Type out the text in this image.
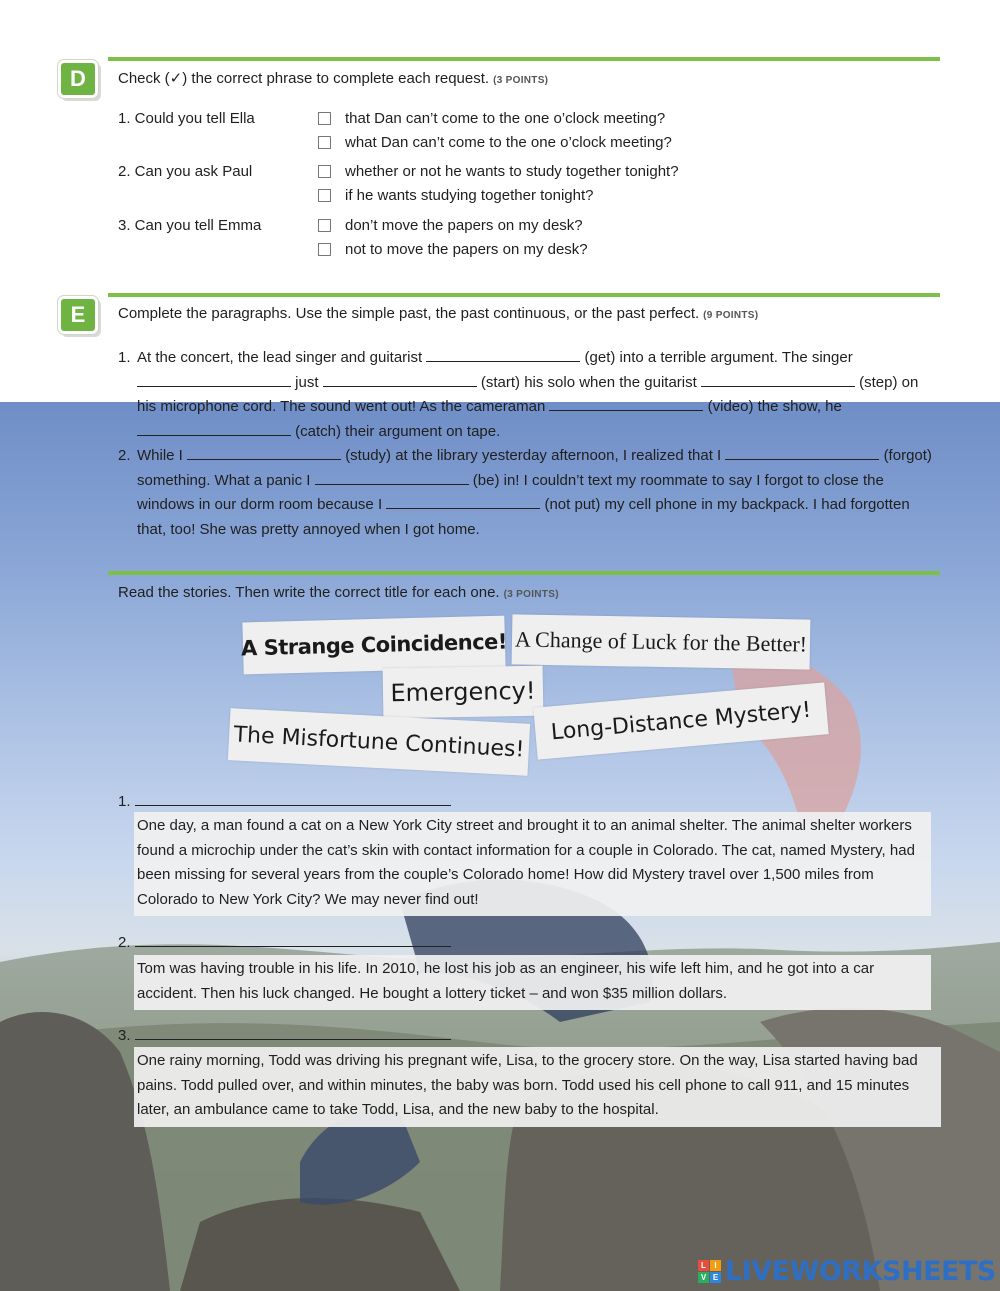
D	Check (✓) the correct phrase to complete each request. (3 POINTS)
1. Could you tell Ella	that Dan can’t come to the one o’clock meeting?
what Dan can’t come to the one o’clock meeting?
2. Can you ask Paul	whether or not he wants to study together tonight?
if he wants studying together tonight?
3. Can you tell Emma	don’t move the papers on my desk?
not to move the papers on my desk?
E	Complete the paragraphs. Use the simple past, the past continuous, or the past perfect. (9 POINTS)
1. At the concert, the lead singer and guitarist	(get) into a terrible argument. The singer  just	(start) his solo when the guitarist	(step) on his microphone cord. The sound went out! As the cameraman	(video) the show, he  (catch) their argument on tape.
2. While I	(study) at the library yesterday afternoon, I realized that I	(forgot) something. What a panic I	(be) in! I couldn’t text my roommate to say I forgot to close the windows in our dorm room because I	(not put) my cell phone in my backpack. I had forgotten that, too! She was pretty annoyed when I got home.
Read the stories. Then write the correct title for each one. (3 POINTS)
A Strange Coincidence! A Change of Luck for the Better!
Emergency!
Long-Distance Mystery!
The Misfortune Continues!
1.
One day, a man found a cat on a New York City street and brought it to an animal shelter. The animal shelter workers found a microchip under the cat’s skin with contact information for a couple in Colorado. The cat, named Mystery, had been missing for several years from the couple’s Colorado home! How did Mystery travel over 1,500 miles from Colorado to New York City? We may never find out!
2.
Tom was having trouble in his life. In 2010, he lost his job as an engineer, his wife left him, and he got into a car accident. Then his luck changed. He bought a lottery ticket – and won $35 million dollars.
3.
One rainy morning, Todd was driving his pregnant wife, Lisa, to the grocery store. On the way, Lisa started having bad pains. Todd pulled over, and within minutes, the baby was born. Todd used his cell phone to call 911, and 15 minutes later, an ambulance came to take Todd, Lisa, and the new baby to the hospital.
L	I
V E LIVEWORKSHEETS
